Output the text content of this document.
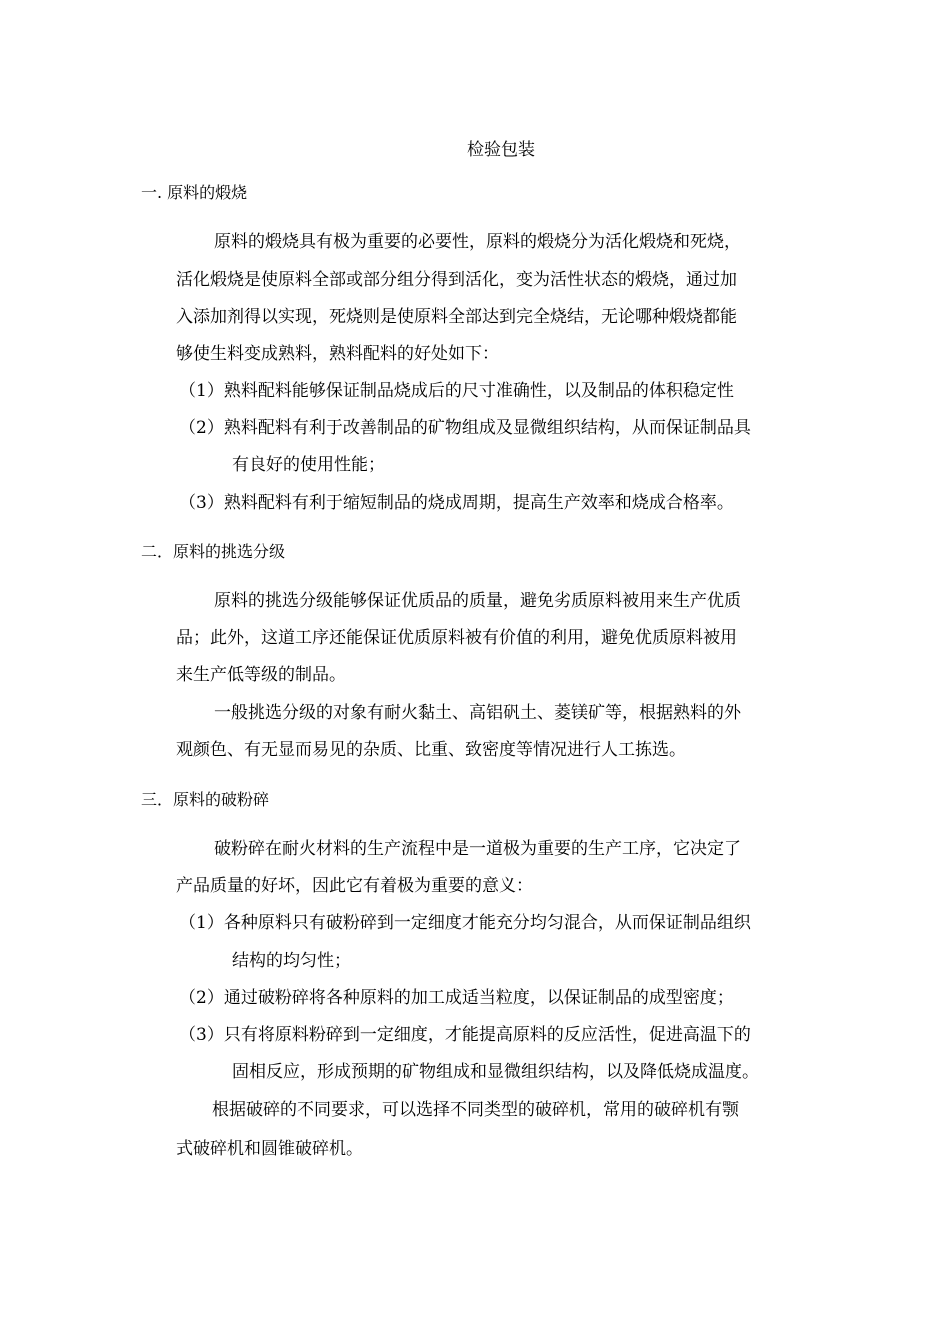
检验包装
一. 原料的煅烧
原料的煅烧具有极为重要的必要性，原料的煅烧分为活化煅烧和死烧，
活化煅烧是使原料全部或部分组分得到活化，变为活性状态的煅烧，通过加
入添加剂得以实现，死烧则是使原料全部达到完全烧结，无论哪种煅烧都能
够使生料变成熟料，熟料配料的好处如下：
（1）熟料配料能够保证制品烧成后的尺寸准确性，以及制品的体积稳定性
（2）熟料配料有利于改善制品的矿物组成及显微组织结构，从而保证制品具
有良好的使用性能；
（3）熟料配料有利于缩短制品的烧成周期，提高生产效率和烧成合格率。
二．原料的挑选分级
原料的挑选分级能够保证优质品的质量，避免劣质原料被用来生产优质
品；此外，这道工序还能保证优质原料被有价值的利用，避免优质原料被用
来生产低等级的制品。
一般挑选分级的对象有耐火黏土、高铝矾土、菱镁矿等，根据熟料的外
观颜色、有无显而易见的杂质、比重、致密度等情况进行人工拣选。
三．原料的破粉碎
破粉碎在耐火材料的生产流程中是一道极为重要的生产工序，它决定了
产品质量的好坏，因此它有着极为重要的意义：
（1）各种原料只有破粉碎到一定细度才能充分均匀混合，从而保证制品组织
结构的均匀性；
（2）通过破粉碎将各种原料的加工成适当粒度，以保证制品的成型密度；
（3）只有将原料粉碎到一定细度，才能提高原料的反应活性，促进高温下的
固相反应，形成预期的矿物组成和显微组织结构，以及降低烧成温度。
根据破碎的不同要求，可以选择不同类型的破碎机，常用的破碎机有颚
式破碎机和圆锥破碎机。
